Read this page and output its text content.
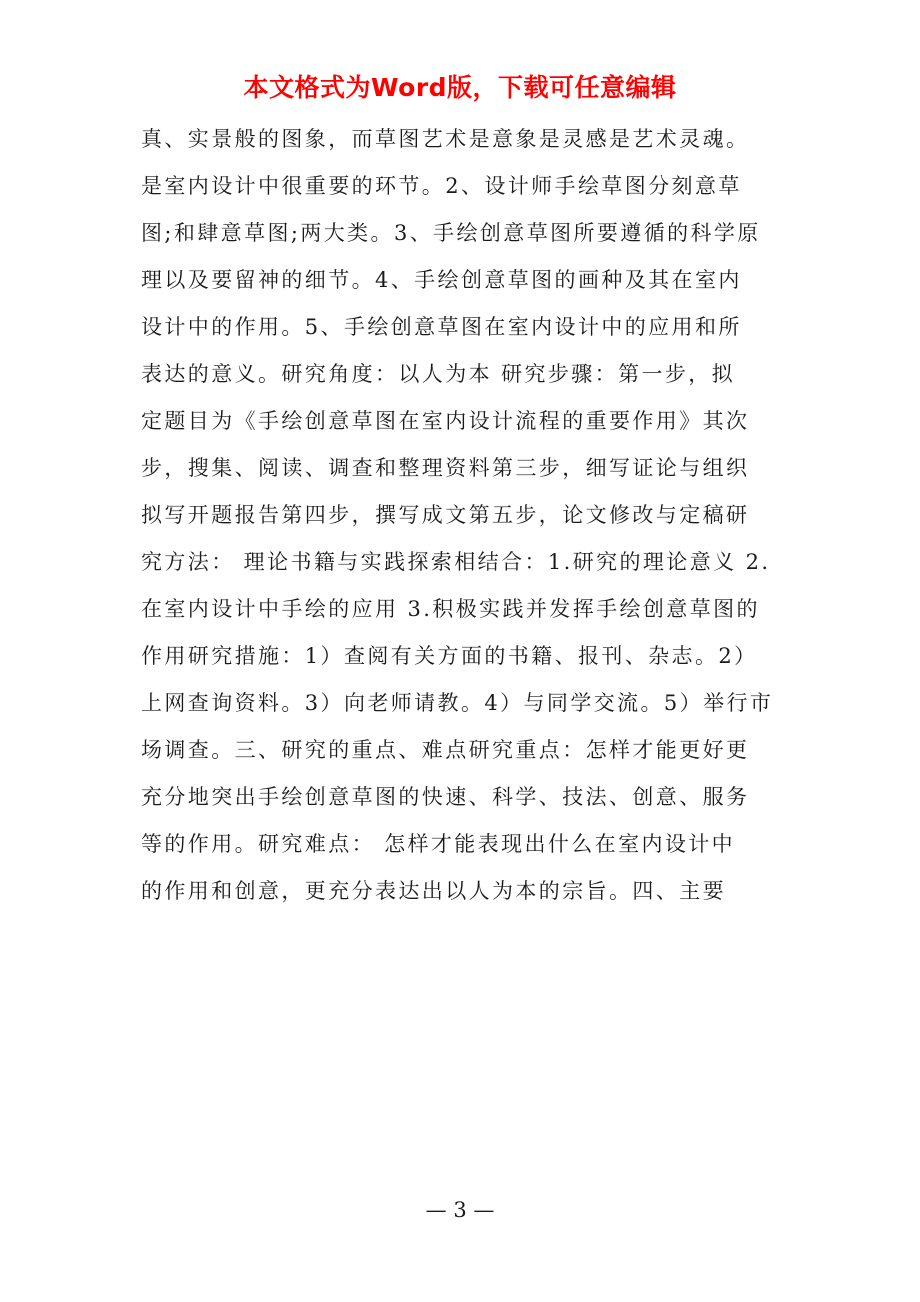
本文格式为Word版，下载可任意编辑
真、实景般的图象，而草图艺术是意象是灵感是艺术灵魂。
是室内设计中很重要的环节。2、设计师手绘草图分刻意草
图;和肆意草图;两大类。3、手绘创意草图所要遵循的科学原
理以及要留神的细节。4、手绘创意草图的画种及其在室内
设计中的作用。5、手绘创意草图在室内设计中的应用和所
表达的意义。研究角度：以人为本 研究步骤：第一步，拟
定题目为《手绘创意草图在室内设计流程的重要作用》其次
步，搜集、阅读、调查和整理资料第三步，细写证论与组织
拟写开题报告第四步，撰写成文第五步，论文修改与定稿研
究方法： 理论书籍与实践探索相结合：1.研究的理论意义 2.
在室内设计中手绘的应用 3.积极实践并发挥手绘创意草图的
作用研究措施：1）查阅有关方面的书籍、报刊、杂志。2）
上网查询资料。3）向老师请教。4）与同学交流。5）举行市
场调查。三、研究的重点、难点研究重点：怎样才能更好更
充分地突出手绘创意草图的快速、科学、技法、创意、服务
等的作用。研究难点： 怎样才能表现出什么在室内设计中
的作用和创意，更充分表达出以人为本的宗旨。四、主要
— 3 —
